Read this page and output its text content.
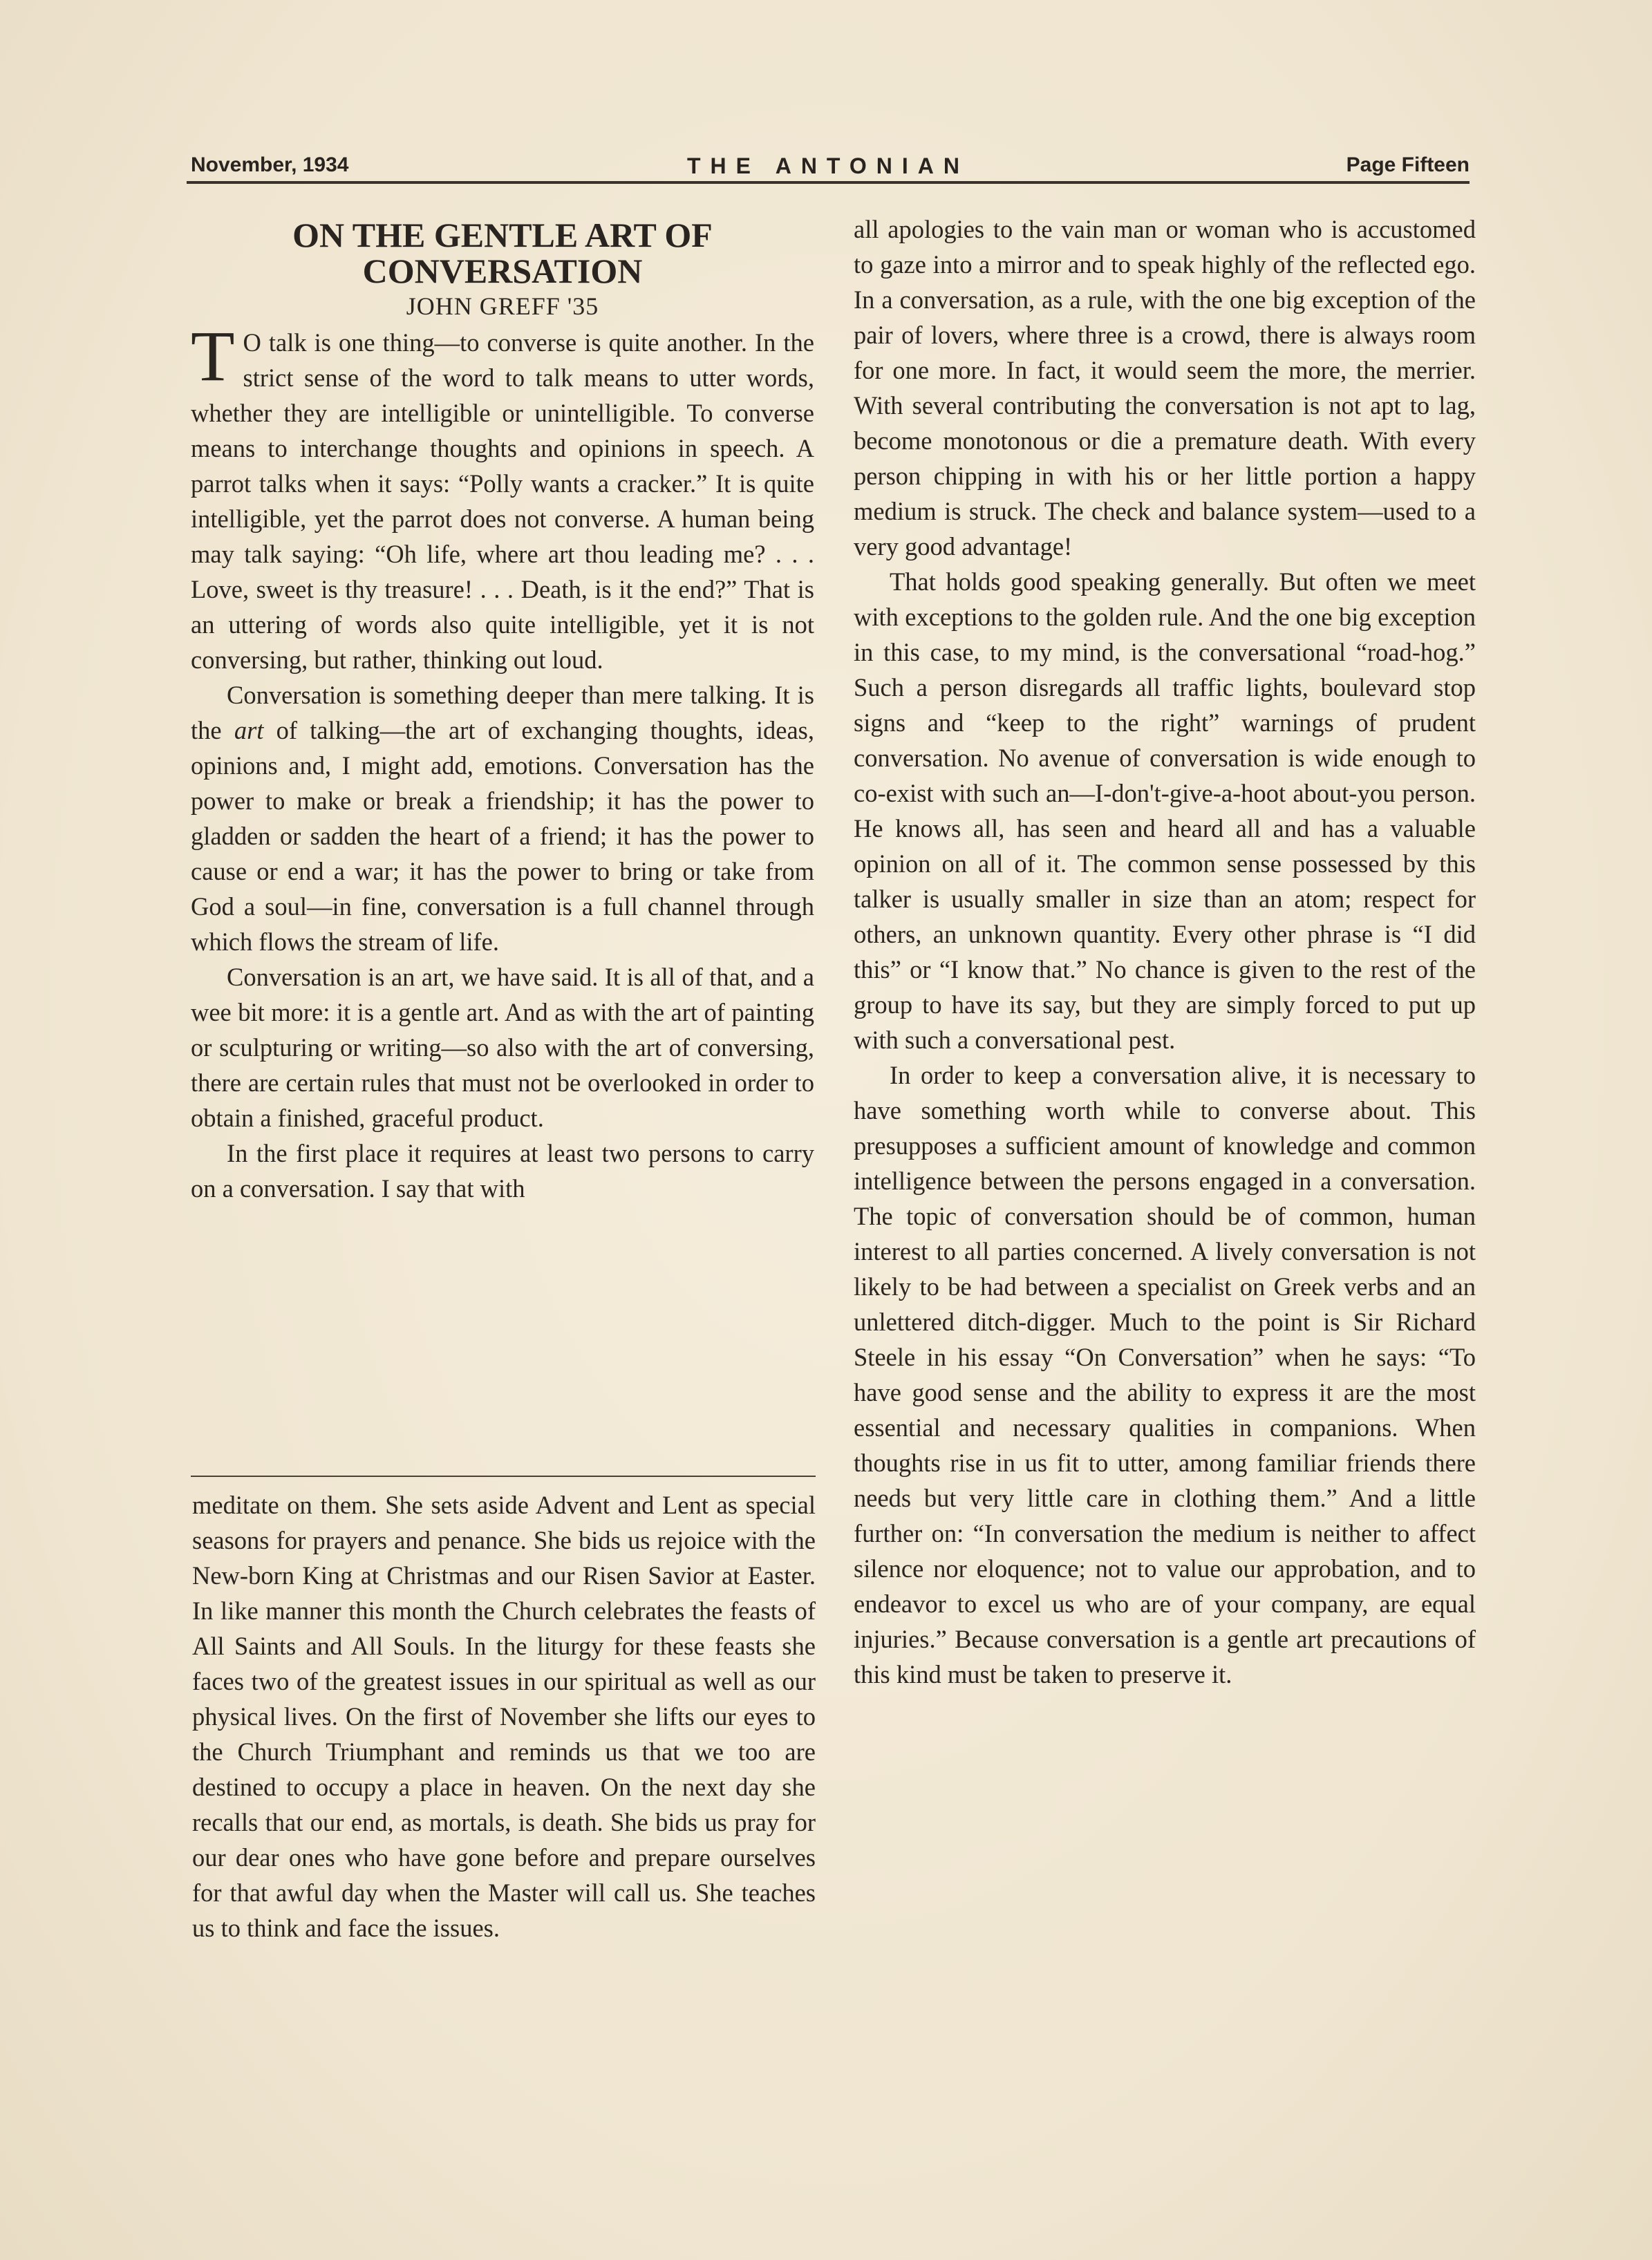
November, 1934	THE ANTONIAN	Page Fifteen
ON THE GENTLE ART OF CONVERSATION
JOHN GREFF '35

T O talk is one thing—to converse is quite another. In the strict sense of the word to talk means to utter words, whether they are intelligible or unintelligible. To converse means to interchange thoughts and opinions in speech. A parrot talks when it says: “Polly wants a cracker.” It is quite intelligible, yet the parrot does not converse. A human being may talk saying: “Oh life, where art thou leading me? . . . Love, sweet is thy treasure! . . . Death, is it the end?” That is an uttering of words also quite intelligible, yet it is not conversing, but rather, thinking out loud.

Conversation is something deeper than mere talking. It is the art of talking—the art of exchanging thoughts, ideas, opinions and, I might add, emotions. Conversation has the power to make or break a friendship; it has the power to gladden or sadden the heart of a friend; it has the power to cause or end a war; it has the power to bring or take from God a soul—in fine, conversation is a full channel through which flows the stream of life.

Conversation is an art, we have said. It is all of that, and a wee bit more: it is a gentle art. And as with the art of painting or sculpturing or writing—so also with the art of conversing, there are certain rules that must not be overlooked in order to obtain a finished, graceful product.

In the first place it requires at least two persons to carry on a conversation. I say that with

meditate on them. She sets aside Advent and Lent as special seasons for prayers and penance. She bids us rejoice with the New-born King at Christmas and our Risen Savior at Easter. In like manner this month the Church celebrates the feasts of All Saints and All Souls. In the liturgy for these feasts she faces two of the greatest issues in our spiritual as well as our physical lives. On the first of November she lifts our eyes to the Church Triumphant and reminds us that we too are destined to occupy a place in heaven. On the next day she recalls that our end, as mortals, is death. She bids us pray for our dear ones who have gone before and prepare ourselves for that awful day when the Master will call us. She teaches us to think and face the issues.

all apologies to the vain man or woman who is accustomed to gaze into a mirror and to speak highly of the reflected ego. In a conversation, as a rule, with the one big exception of the pair of lovers, where three is a crowd, there is always room for one more. In fact, it would seem the more, the merrier. With several contributing the conversation is not apt to lag, become monotonous or die a premature death. With every person chipping in with his or her little portion a happy medium is struck. The check and balance system—used to a very good advantage!

That holds good speaking generally. But often we meet with exceptions to the golden rule. And the one big exception in this case, to my mind, is the conversational “road-hog.” Such a person disregards all traffic lights, boulevard stop signs and “keep to the right” warnings of prudent conversation. No avenue of conversation is wide enough to co-exist with such an—I-don't-give-a-hoot about-you person. He knows all, has seen and heard all and has a valuable opinion on all of it. The common sense possessed by this talker is usually smaller in size than an atom; respect for others, an unknown quantity. Every other phrase is “I did this” or “I know that.” No chance is given to the rest of the group to have its say, but they are simply forced to put up with such a conversational pest.

In order to keep a conversation alive, it is necessary to have something worth while to converse about. This presupposes a sufficient amount of knowledge and common intelligence between the persons engaged in a conversation. The topic of conversation should be of common, human interest to all parties concerned. A lively conversation is not likely to be had between a specialist on Greek verbs and an unlettered ditch-digger. Much to the point is Sir Richard Steele in his essay “On Conversation” when he says: “To have good sense and the ability to express it are the most essential and necessary qualities in companions. When thoughts rise in us fit to utter, among familiar friends there needs but very little care in clothing them.” And a little further on: “In conversation the medium is neither to affect silence nor eloquence; not to value our approbation, and to endeavor to excel us who are of your company, are equal injuries.” Because conversation is a gentle art precautions of this kind must be taken to preserve it.
